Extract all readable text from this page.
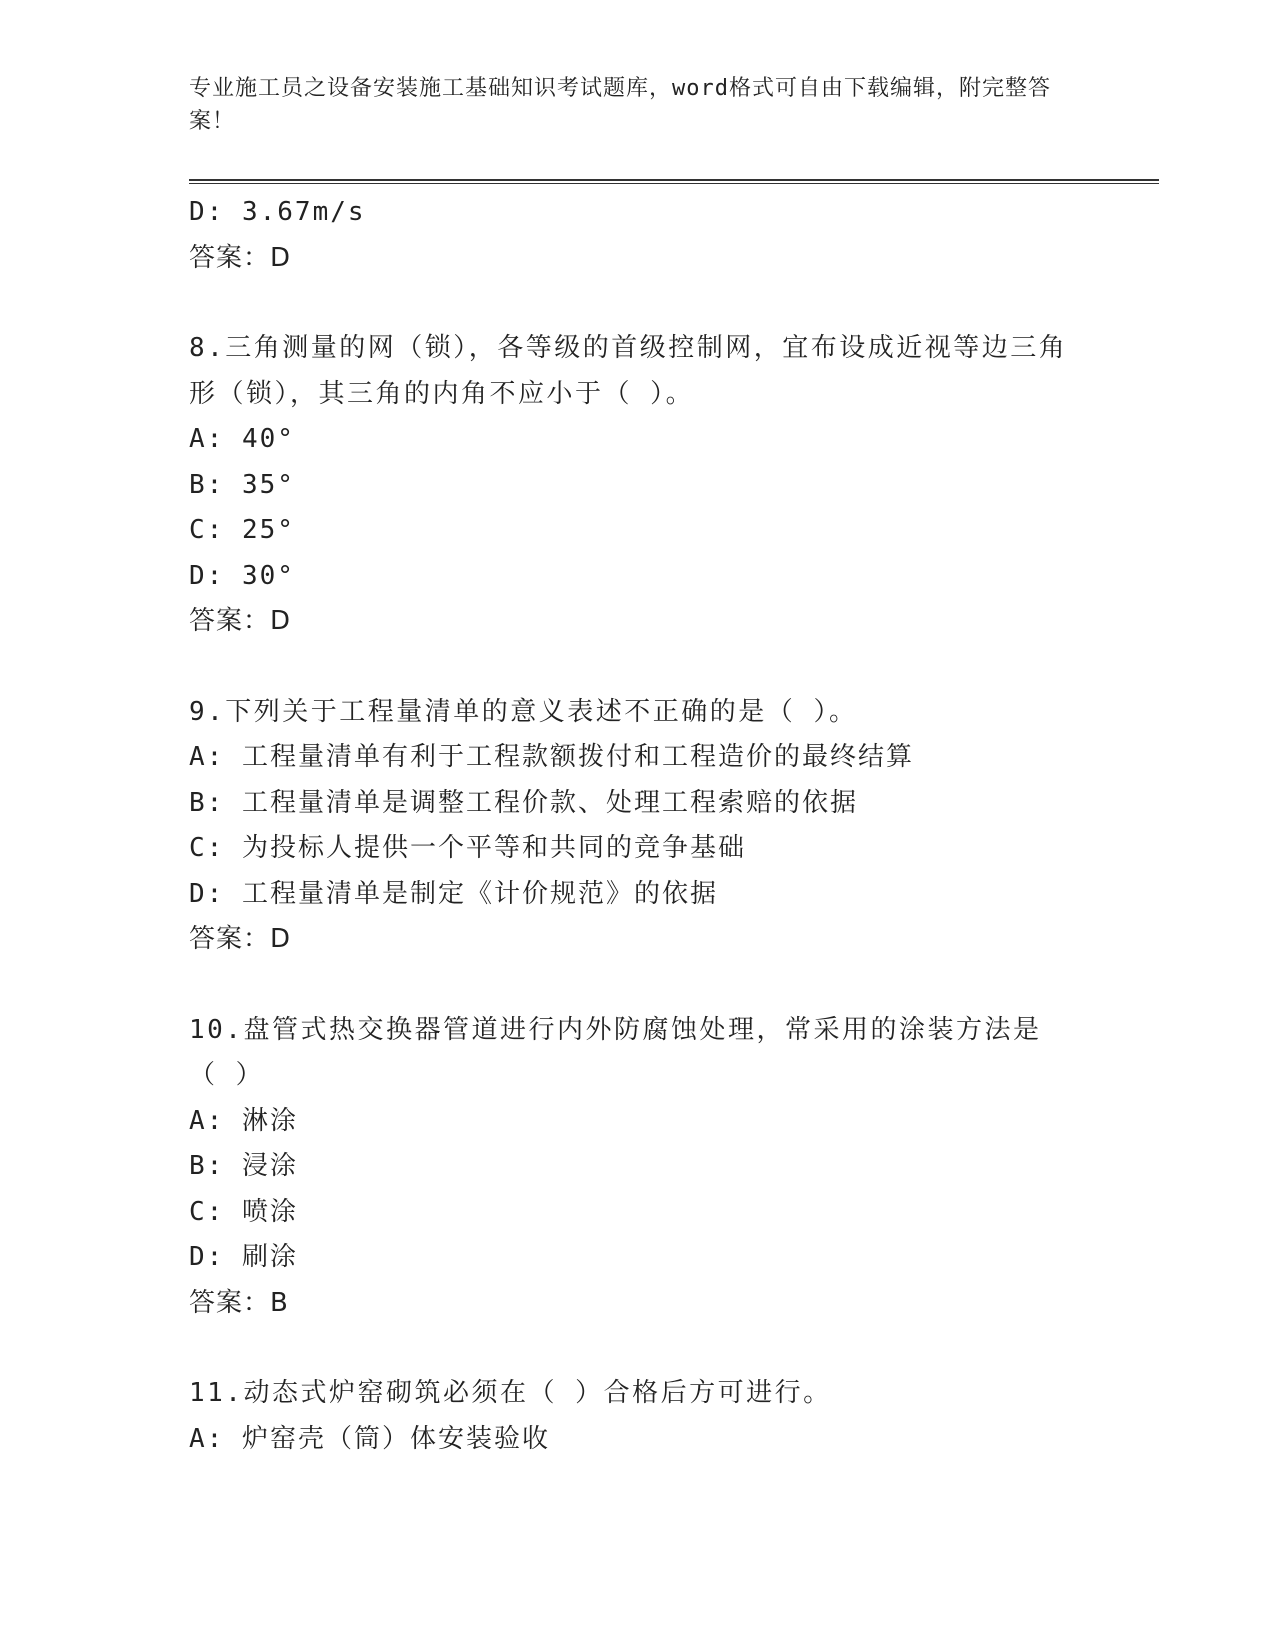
专业施工员之设备安装施工基础知识考试题库，word格式可自由下载编辑，附完整答案！
D: 3.67m/s
答案：D
8.三角测量的网（锁），各等级的首级控制网，宜布设成近视等边三角形（锁），其三角的内角不应小于（ ）。
A: 40°
B: 35°
C: 25°
D: 30°
答案：D
9.下列关于工程量清单的意义表述不正确的是（ ）。
A: 工程量清单有利于工程款额拨付和工程造价的最终结算
B: 工程量清单是调整工程价款、处理工程索赔的依据
C: 为投标人提供一个平等和共同的竞争基础
D: 工程量清单是制定《计价规范》的依据
答案：D
10.盘管式热交换器管道进行内外防腐蚀处理，常采用的涂装方法是（ ）
A: 淋涂
B: 浸涂
C: 喷涂
D: 刷涂
答案：B
11.动态式炉窑砌筑必须在（ ）合格后方可进行。
A: 炉窑壳（筒）体安装验收
